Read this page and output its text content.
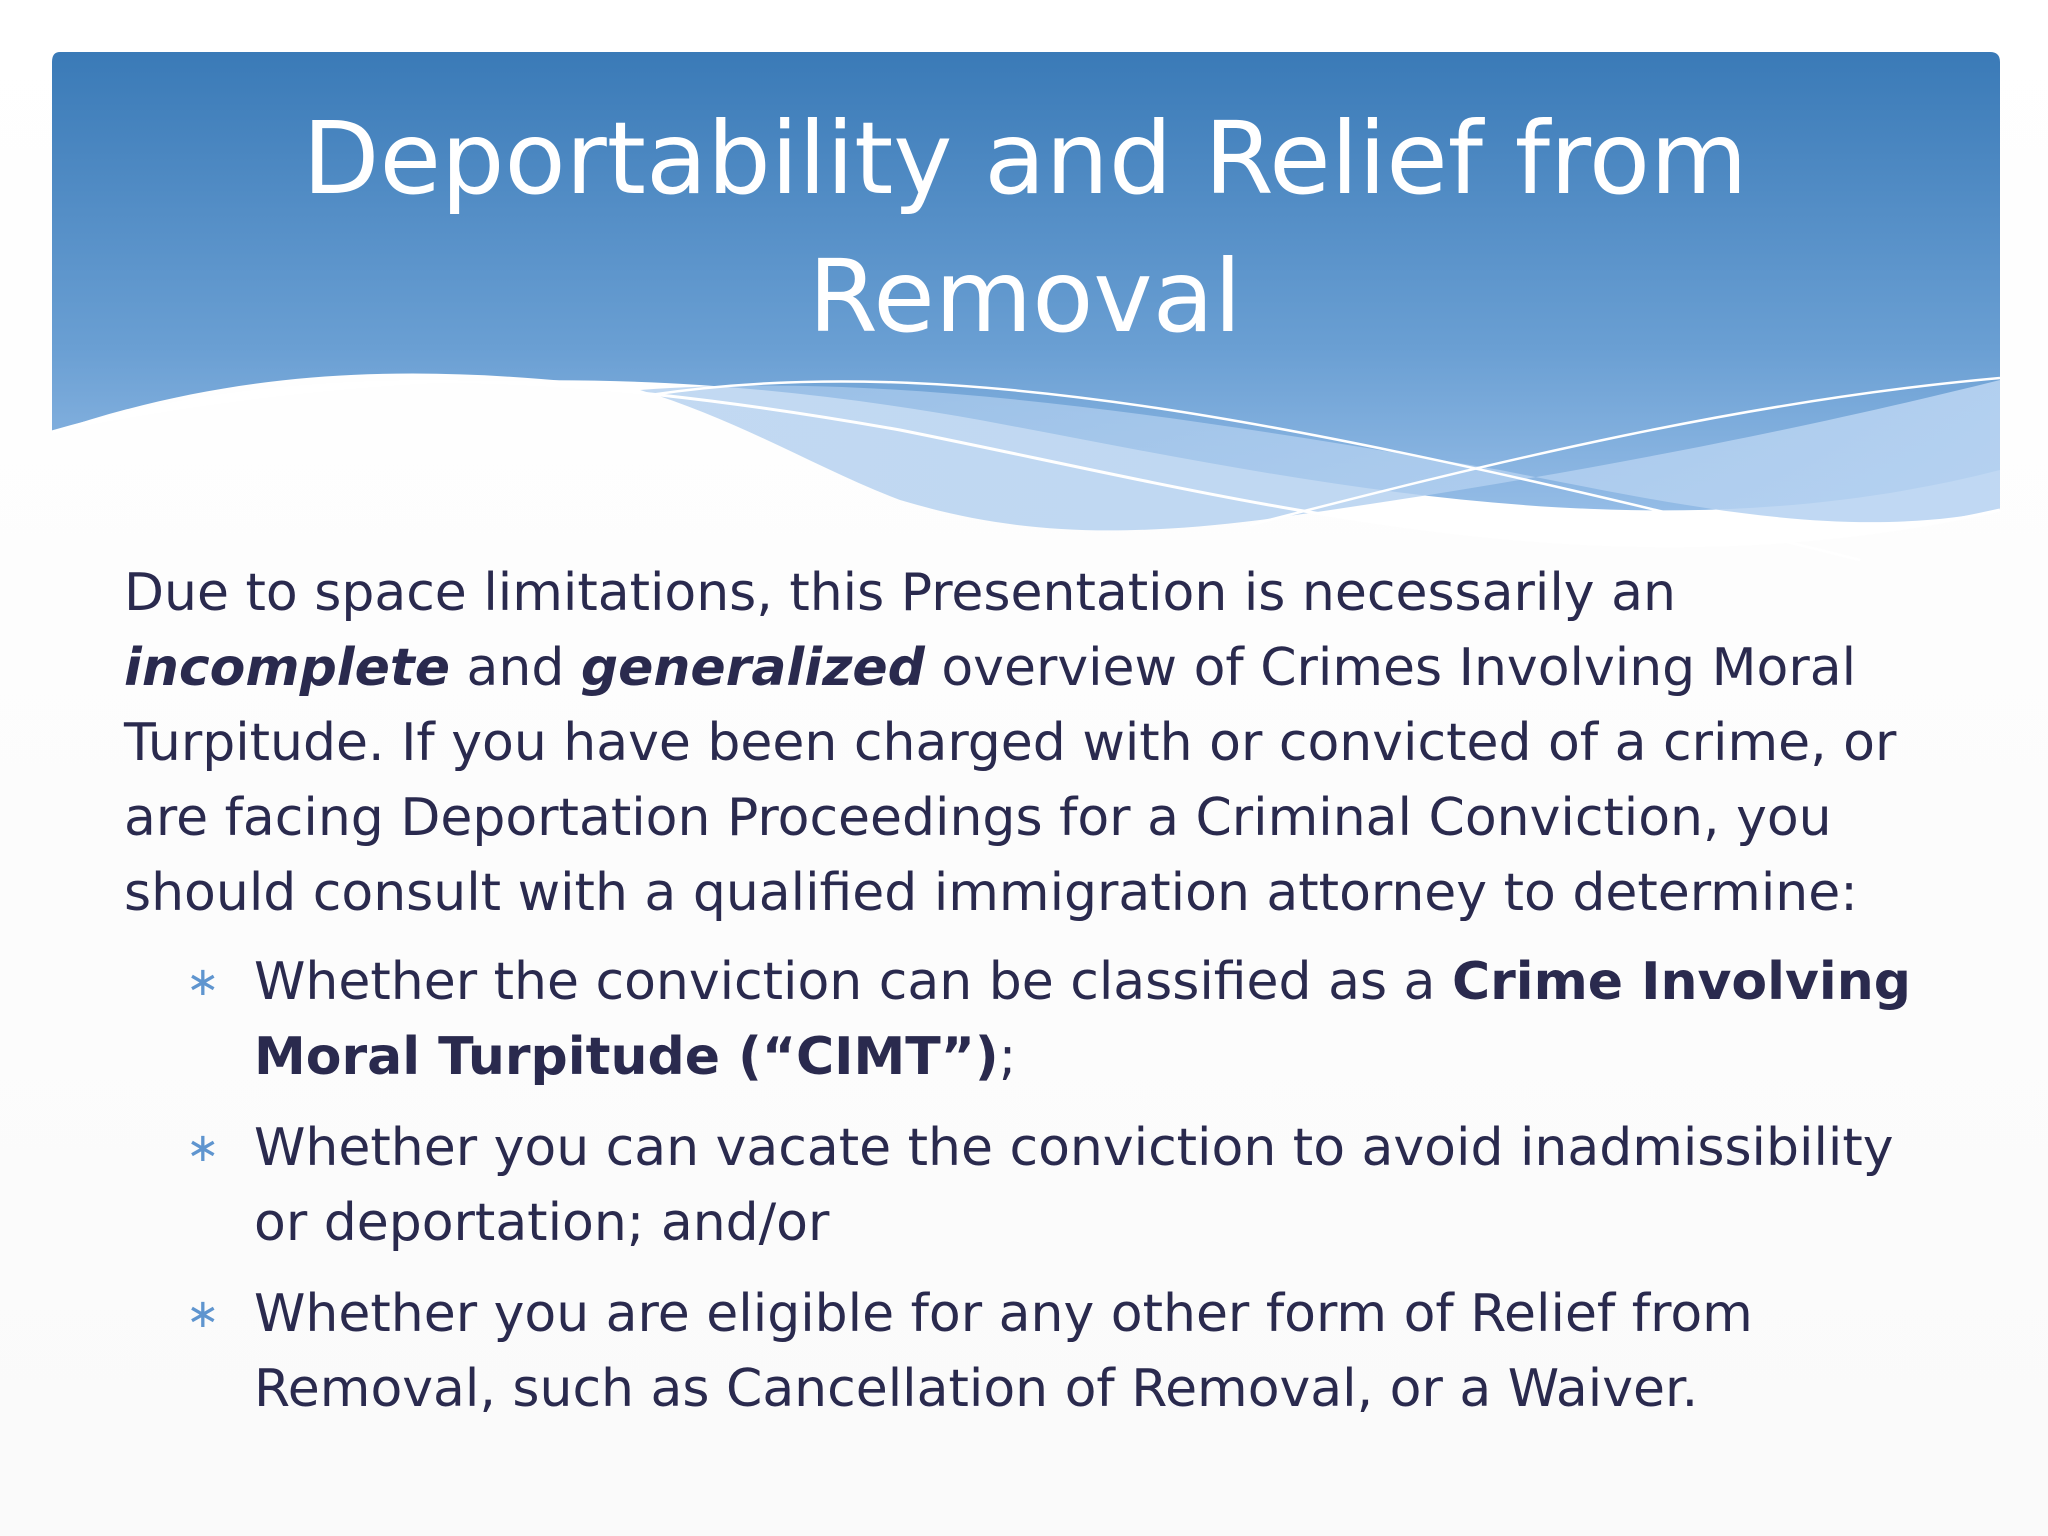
Deportability and Relief from
Removal

Due to space limitations, this Presentation is necessarily an
incomplete and generalized overview of Crimes Involving Moral
Turpitude. If you have been charged with or convicted of a crime, or
are facing Deportation Proceedings for a Criminal Conviction, you
should consult with a qualified immigration attorney to determine:

∗ Whether the conviction can be classified as a Crime Involving
Moral Turpitude (“CIMT”);
∗ Whether you can vacate the conviction to avoid inadmissibility
or deportation; and/or
∗ Whether you are eligible for any other form of Relief from
Removal, such as Cancellation of Removal, or a Waiver.
